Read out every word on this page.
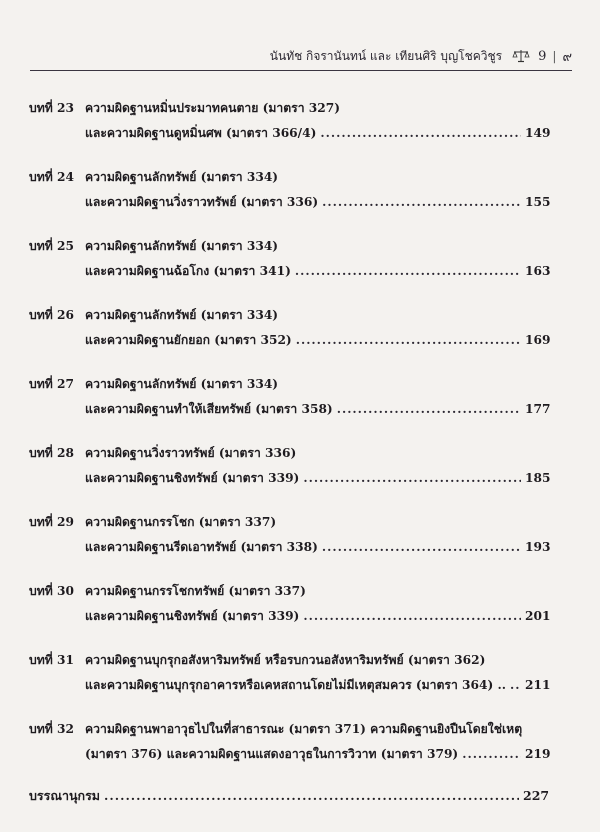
นันทัช กิจรานันทน์ และ เทียนศิริ บุญโชควิชูร	9 | ๙
บทที่ 23 ความผิดฐานหมิ่นประมาทคนตาย (มาตรา 327)
และความผิดฐานดูหมิ่นศพ (มาตรา 366/4) .....	149
บทที่ 24 ความผิดฐานลักทรัพย์ (มาตรา 334)
และความผิดฐานวิ่งราวทรัพย์ (มาตรา 336) .....	155
บทที่ 25 ความผิดฐานลักทรัพย์ (มาตรา 334)
และความผิดฐานฉ้อโกง (มาตรา 341) .....	163
บทที่ 26 ความผิดฐานลักทรัพย์ (มาตรา 334)
และความผิดฐานยักยอก (มาตรา 352) .....	169
บทที่ 27 ความผิดฐานลักทรัพย์ (มาตรา 334)
และความผิดฐานทำให้เสียทรัพย์ (มาตรา 358) .....	177
บทที่ 28 ความผิดฐานวิ่งราวทรัพย์ (มาตรา 336)
และความผิดฐานชิงทรัพย์ (มาตรา 339) .....	185
บทที่ 29 ความผิดฐานกรรโชก (มาตรา 337)
และความผิดฐานรีดเอาทรัพย์ (มาตรา 338) .....	193
บทที่ 30 ความผิดฐานกรรโชกทรัพย์ (มาตรา 337)
และความผิดฐานชิงทรัพย์ (มาตรา 339) .....	201
บทที่ 31 ความผิดฐานบุกรุกอสังหาริมทรัพย์ หรือรบกวนอสังหาริมทรัพย์ (มาตรา 362)
และความผิดฐานบุกรุกอาคารหรือเคหสถานโดยไม่มีเหตุสมควร (มาตรา 364) .. ..... 211
บทที่ 32 ความผิดฐานพาอาวุธไปในที่สาธารณะ (มาตรา 371) ความผิดฐานยิงปืนโดยใช่เหตุ
(มาตรา 376) และความผิดฐานแสดงอาวุธในการวิวาท (มาตรา 379) .....	219
บรรณานุกรม .....	227
